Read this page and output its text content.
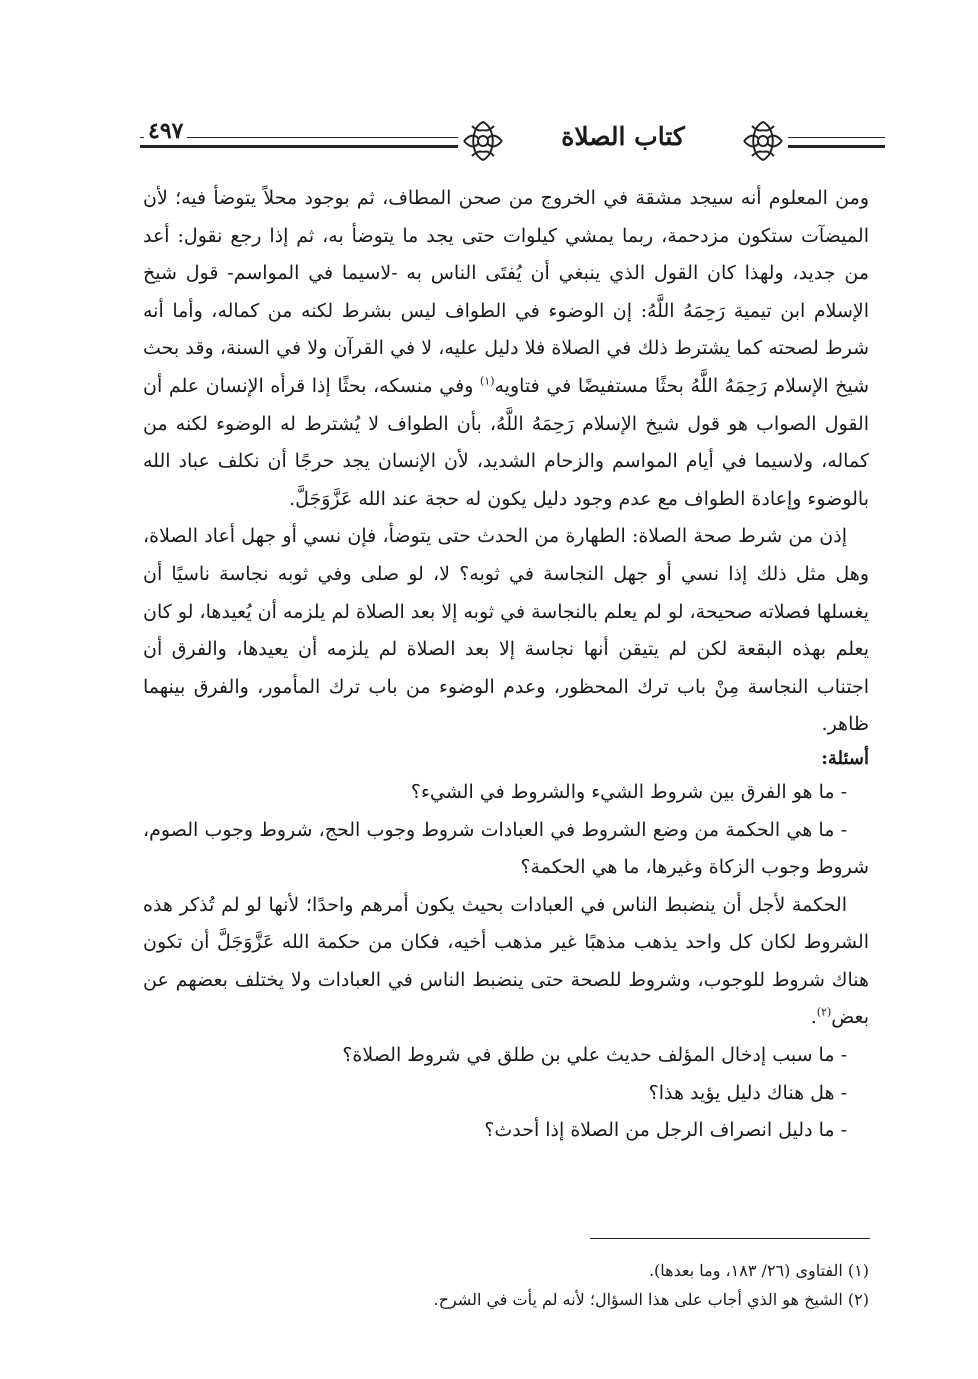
٤٩٧	كتاب الصلاة

ومن المعلوم أنه سيجد مشقة في الخروج من صحن المطاف، ثم بوجود محلاً يتوضأ فيه؛ لأن الميضآت ستكون مزدحمة، ربما يمشي كيلوات حتى يجد ما يتوضأ به، ثم إذا رجع نقول: أعد من جديد، ولهذا كان القول الذي ينبغي أن يُفتَى الناس به -لاسيما في المواسم- قول شيخ الإسلام ابن تيمية رَحِمَهُ اللَّهُ: إن الوضوء في الطواف ليس بشرط لكنه من كماله، وأما أنه شرط لصحته كما يشترط ذلك في الصلاة فلا دليل عليه، لا في القرآن ولا في السنة، وقد بحث شيخ الإسلام رَحِمَهُ اللَّهُ بحثًا مستفيضًا في فتاويه$^{(١)}$ وفي منسكه، بحثًا إذا قرأه الإنسان علم أن القول الصواب هو قول شيخ الإسلام رَحِمَهُ اللَّهُ، بأن الطواف لا يُشترط له الوضوء لكنه من كماله، ولاسيما في أيام المواسم والزحام الشديد، لأن الإنسان يجد حرجًا أن نكلف عباد الله بالوضوء وإعادة الطواف مع عدم وجود دليل يكون له حجة عند الله عَزَّوَجَلَّ.

إذن من شرط صحة الصلاة: الطهارة من الحدث حتى يتوضأ، فإن نسي أو جهل أعاد الصلاة، وهل مثل ذلك إذا نسي أو جهل النجاسة في ثوبه؟ لا، لو صلى وفي ثوبه نجاسة ناسيًا أن يغسلها فصلاته صحيحة، لو لم يعلم بالنجاسة في ثوبه إلا بعد الصلاة لم يلزمه أن يُعيدها، لو كان يعلم بهذه البقعة لكن لم يتيقن أنها نجاسة إلا بعد الصلاة لم يلزمه أن يعيدها، والفرق أن اجتناب النجاسة مِنْ باب ترك المحظور، وعدم الوضوء من باب ترك المأمور، والفرق بينهما ظاهر.

أسئلة:

- ما هو الفرق بين شروط الشيء والشروط في الشيء؟

- ما هي الحكمة من وضع الشروط في العبادات شروط وجوب الحج، شروط وجوب الصوم، شروط وجوب الزكاة وغيرها، ما هي الحكمة؟

الحكمة لأجل أن ينضبط الناس في العبادات بحيث يكون أمرهم واحدًا؛ لأنها لو لم تُذكر هذه الشروط لكان كل واحد يذهب مذهبًا غير مذهب أخيه، فكان من حكمة الله عَزَّوَجَلَّ أن تكون هناك شروط للوجوب، وشروط للصحة حتى ينضبط الناس في العبادات ولا يختلف بعضهم عن بعض$^{(٢)}$.

- ما سبب إدخال المؤلف حديث علي بن طلق في شروط الصلاة؟

- هل هناك دليل يؤيد هذا؟

- ما دليل انصراف الرجل من الصلاة إذا أحدث؟

(١) الفتاوى (٢٦/ ١٨٣، وما بعدها).

(٢) الشيخ هو الذي أجاب على هذا السؤال؛ لأنه لم يأت في الشرح.
